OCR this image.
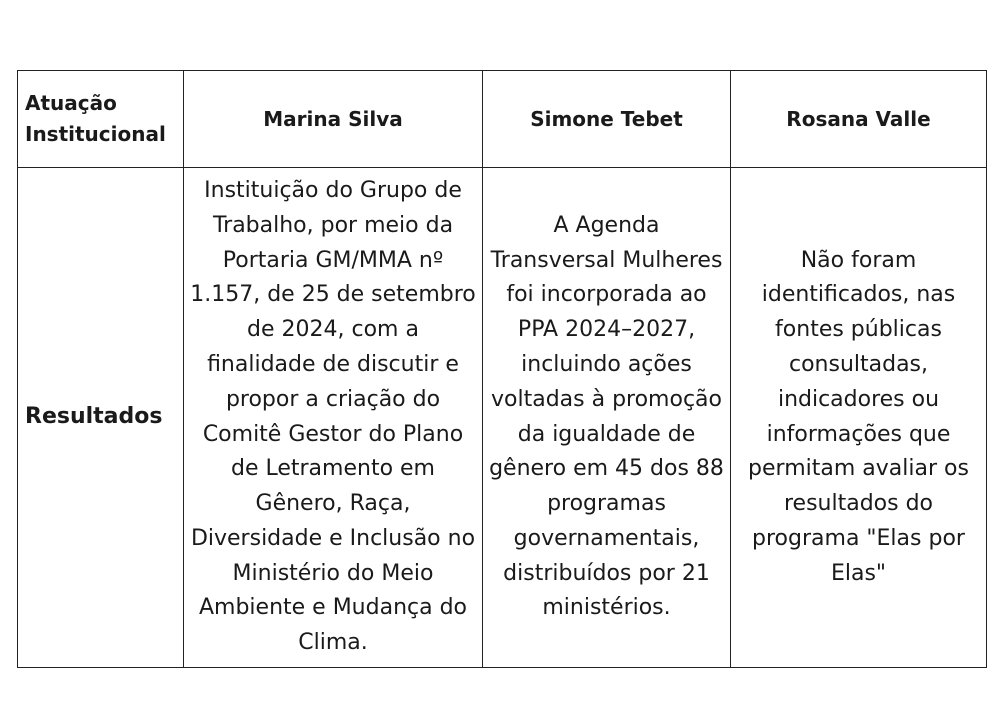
Atuação Institucional	Marina Silva	Simone Tebet	Rosana Valle
Resultados	Instituição do Grupo de Trabalho, por meio da Portaria GM/MMA nº 1.157, de 25 de setembro de 2024, com a finalidade de discutir e propor a criação do Comitê Gestor do Plano de Letramento em Gênero, Raça, Diversidade e Inclusão no Ministério do Meio Ambiente e Mudança do Clima.	A Agenda Transversal Mulheres foi incorporada ao PPA 2024–2027, incluindo ações voltadas à promoção da igualdade de gênero em 45 dos 88 programas governamentais, distribuídos por 21 ministérios.	Não foram identificados, nas fontes públicas consultadas, indicadores ou informações que permitam avaliar os resultados do programa "Elas por Elas"
